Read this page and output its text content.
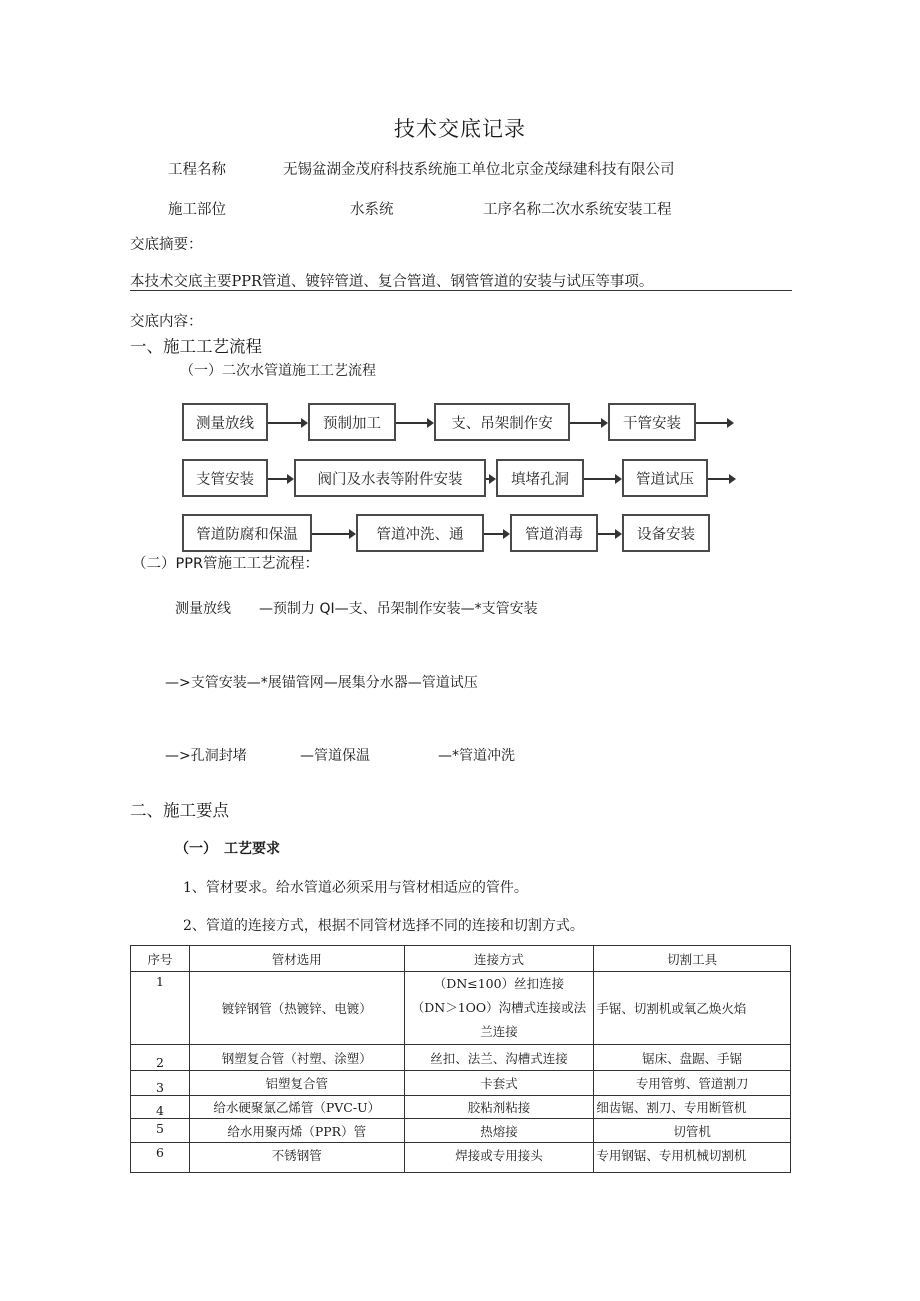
技术交底记录
工程名称	无锡盆湖金茂府科技系统施工单位北京金茂绿建科技有限公司
施工部位	水系统	工序名称二次水系统安装工程
交底摘要：
本技术交底主要PPR管道、镀锌管道、复合管道、钢管管道的安装与试压等事项。
交底内容：
一、施工工艺流程
（一）二次水管道施工工艺流程
测量放线	预制加工	支、吊架制作安	干管安装
支管安装	阀门及水表等附件安装	填堵孔洞	管道试压
管道防腐和保温	管道冲洗、通	管道消毒	设备安装
（二）PPR管施工工艺流程：
测量放线　　—预制力 QI—支、吊架制作安装—*支管安装
—>支管安装—*展锚管网—展集分水器—管道试压
—>孔洞封堵	—管道保温	—*管道冲洗
二、施工要点
（一）　工艺要求
1、管材要求。给水管道必须采用与管材相适应的管件。
2、管道的连接方式，根据不同管材选择不同的连接和切割方式。
序号	管材选用	连接方式	切割工具
1	镀锌钢管（热镀锌、电镀）	（DN≤100）丝扣连接
（DN＞1OO）沟槽式连接或法
兰连接	手锯、切割机或氧乙焕火焰
2	钢塑复合管（衬塑、涂塑）	丝扣、法兰、沟槽式连接	锯床、盘踞、手锯
3	铝塑复合管	卡套式	专用管剪、管道割刀
4	给水硬聚氯乙烯管（PVC-U）	胶粘剂粘接	细齿锯、割刀、专用断管机
5	给水用聚丙烯（PPR）管	热熔接	切管机
6	不锈钢管	焊接或专用接头	专用钢锯、专用机械切割机
